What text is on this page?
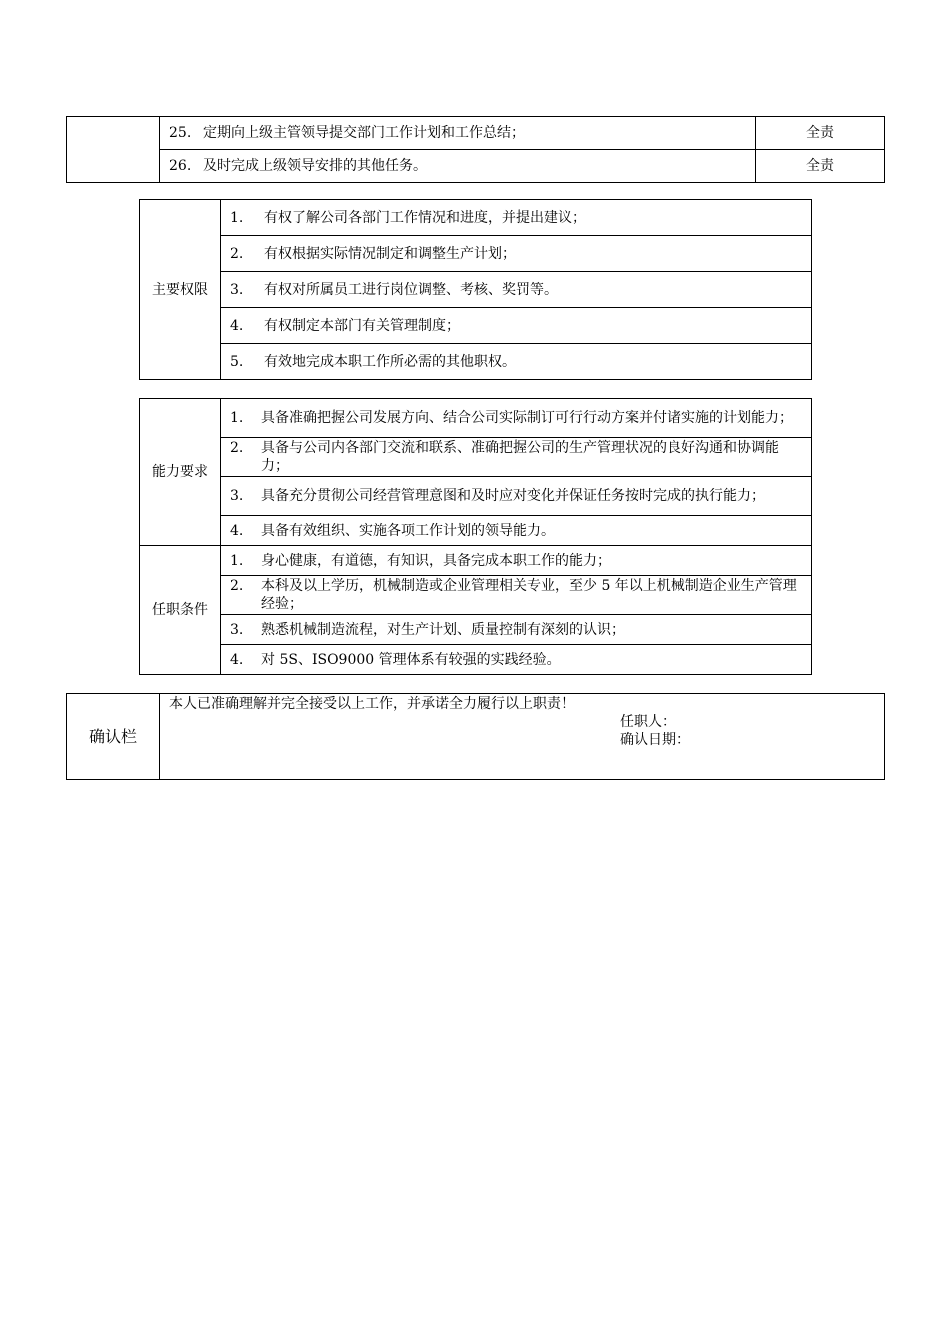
	25. 定期向上级主管领导提交部门工作计划和工作总结；	全责
	26. 及时完成上级领导安排的其他任务。	全责
主要权限	1. 有权了解公司各部门工作情况和进度，并提出建议；
2. 有权根据实际情况制定和调整生产计划；
3. 有权对所属员工进行岗位调整、考核、奖罚等。
4. 有权制定本部门有关管理制度；
5. 有效地完成本职工作所必需的其他职权。
能力要求	1. 具备准确把握公司发展方向、结合公司实际制订可行行动方案并付诸实施的计划能力；

	2. 具备与公司内各部门交流和联系、准确把握公司的生产管理状况的良好沟通和协调能力；

	3. 具备充分贯彻公司经营管理意图和及时应对变化并保证任务按时完成的执行能力；

	4. 具备有效组织、实施各项工作计划的领导能力。

任职条件	1. 身心健康，有道德，有知识，具备完成本职工作的能力；

	2. 本科及以上学历，机械制造或企业管理相关专业，至少 5 年以上机械制造企业生产管理经验；

	3. 熟悉机械制造流程，对生产计划、质量控制有深刻的认识；

	4. 对 5S、ISO9000 管理体系有较强的实践经验。
确认栏	
本人已准确理解并完全接受以上工作，并承诺全力履行以上职责！
任职人：
确认日期：
